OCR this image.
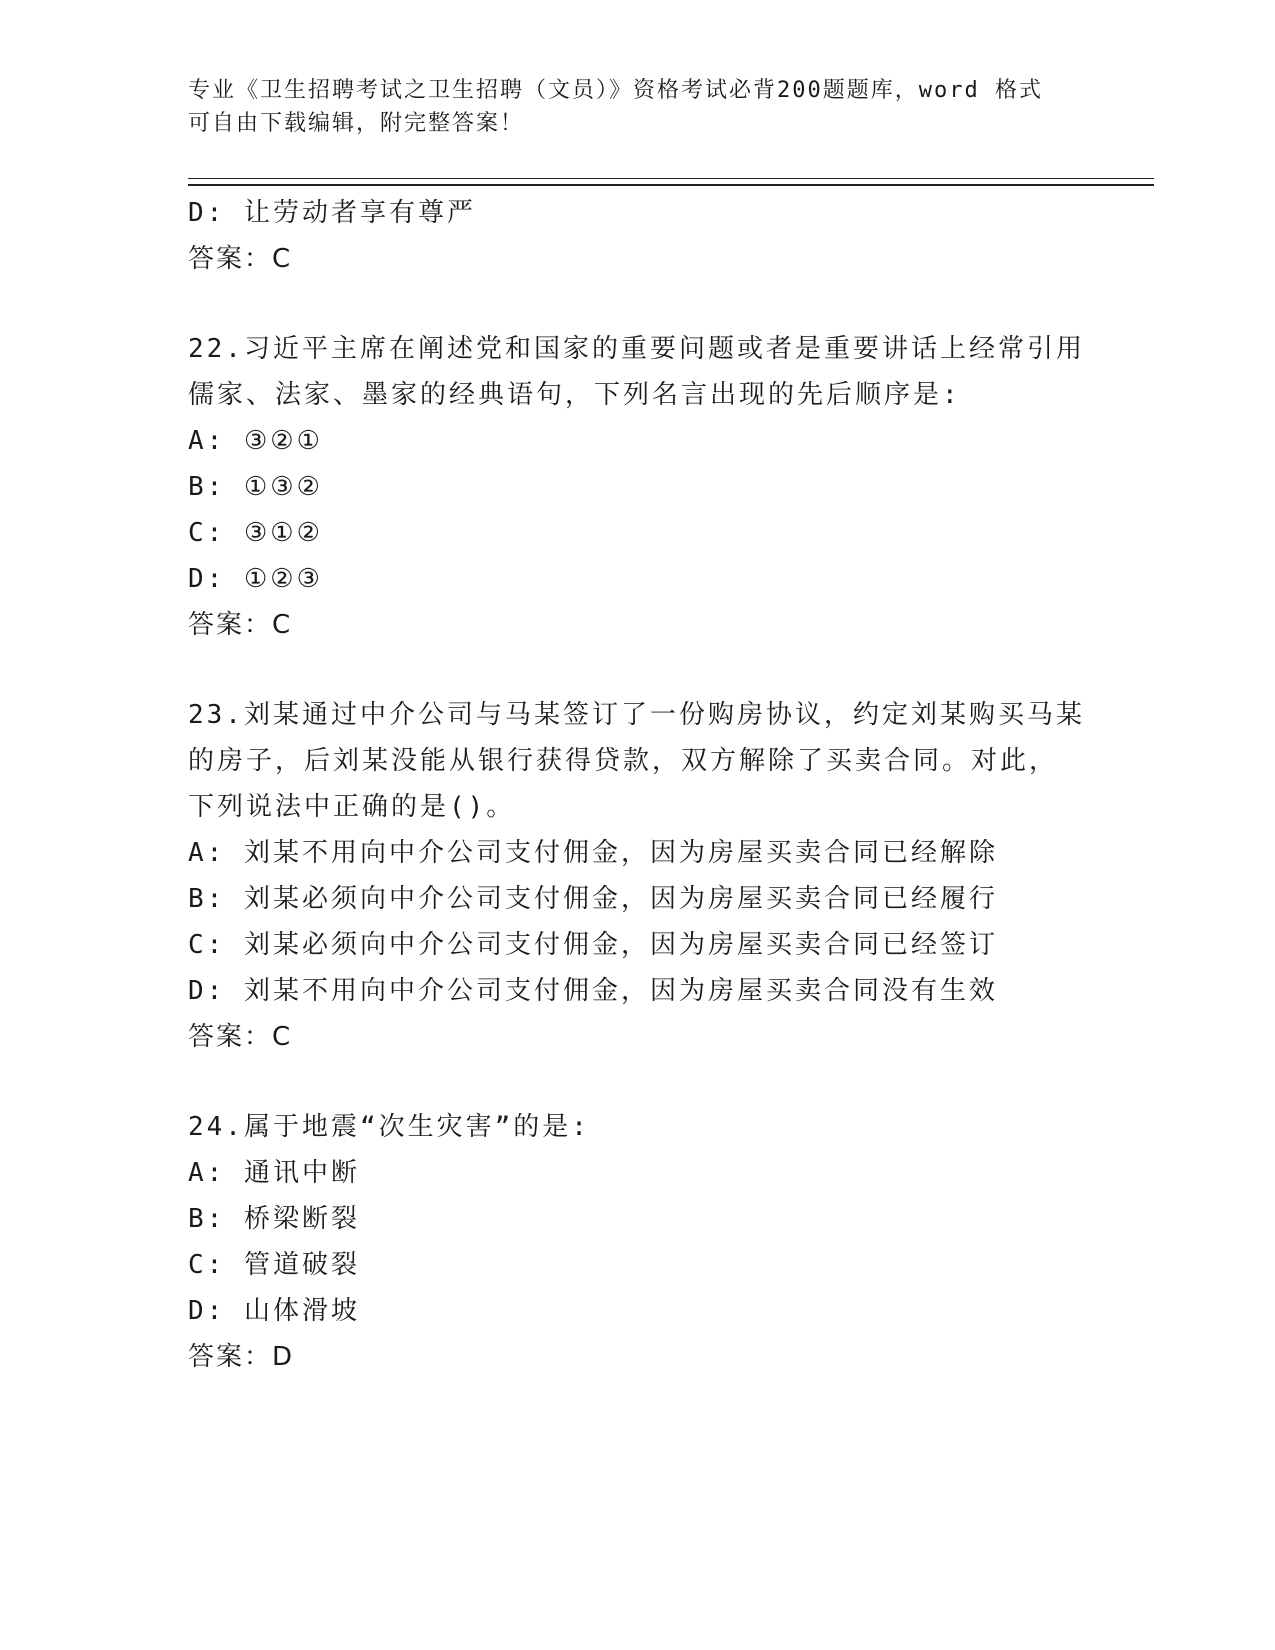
专业《卫生招聘考试之卫生招聘（文员）》资格考试必背200题题库，word 格式
可自由下载编辑，附完整答案！
D: 让劳动者享有尊严
答案：C
22.习近平主席在阐述党和国家的重要问题或者是重要讲话上经常引用
儒家、法家、墨家的经典语句，下列名言出现的先后顺序是:
A: ③②①
B: ①③②
C: ③①②
D: ①②③
答案：C
23.刘某通过中介公司与马某签订了一份购房协议，约定刘某购买马某
的房子，后刘某没能从银行获得贷款，双方解除了买卖合同。对此，
下列说法中正确的是()。
A: 刘某不用向中介公司支付佣金，因为房屋买卖合同已经解除
B: 刘某必须向中介公司支付佣金，因为房屋买卖合同已经履行
C: 刘某必须向中介公司支付佣金，因为房屋买卖合同已经签订
D: 刘某不用向中介公司支付佣金，因为房屋买卖合同没有生效
答案：C
24.属于地震“次生灾害”的是:
A: 通讯中断
B: 桥梁断裂
C: 管道破裂
D: 山体滑坡
答案：D
